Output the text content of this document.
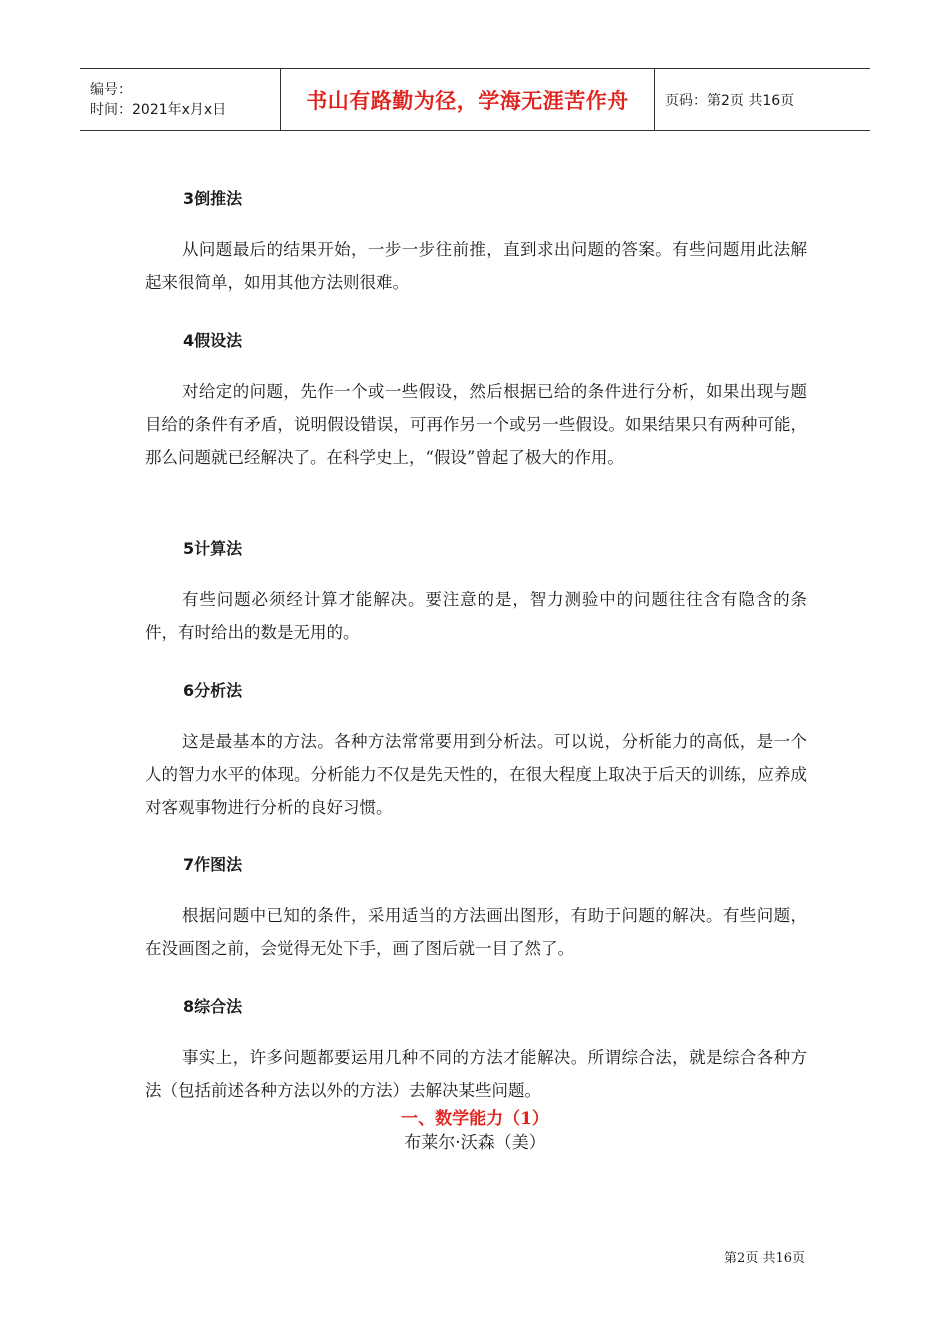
编号：
时间：2021年x月x日	书山有路勤为径，学海无涯苦作舟	页码：第2页 共16页
3倒推法
从问题最后的结果开始，一步一步往前推，直到求出问题的答案。有些问题用此法解起来很简单，如用其他方法则很难。
4假设法
对给定的问题，先作一个或一些假设，然后根据已给的条件进行分析，如果出现与题目给的条件有矛盾，说明假设错误，可再作另一个或另一些假设。如果结果只有两种可能，那么问题就已经解决了。在科学史上，“假设”曾起了极大的作用。
5计算法
有些问题必须经计算才能解决。要注意的是，智力测验中的问题往往含有隐含的条件，有时给出的数是无用的。
6分析法
这是最基本的方法。各种方法常常要用到分析法。可以说，分析能力的高低，是一个人的智力水平的体现。分析能力不仅是先天性的，在很大程度上取决于后天的训练，应养成对客观事物进行分析的良好习惯。
7作图法
根据问题中已知的条件，采用适当的方法画出图形，有助于问题的解决。有些问题，在没画图之前，会觉得无处下手，画了图后就一目了然了。
8综合法
事实上，许多问题都要运用几种不同的方法才能解决。所谓综合法，就是综合各种方法（包括前述各种方法以外的方法）去解决某些问题。
一、数学能力（1）
布莱尔·沃森（美）
第2页 共16页
